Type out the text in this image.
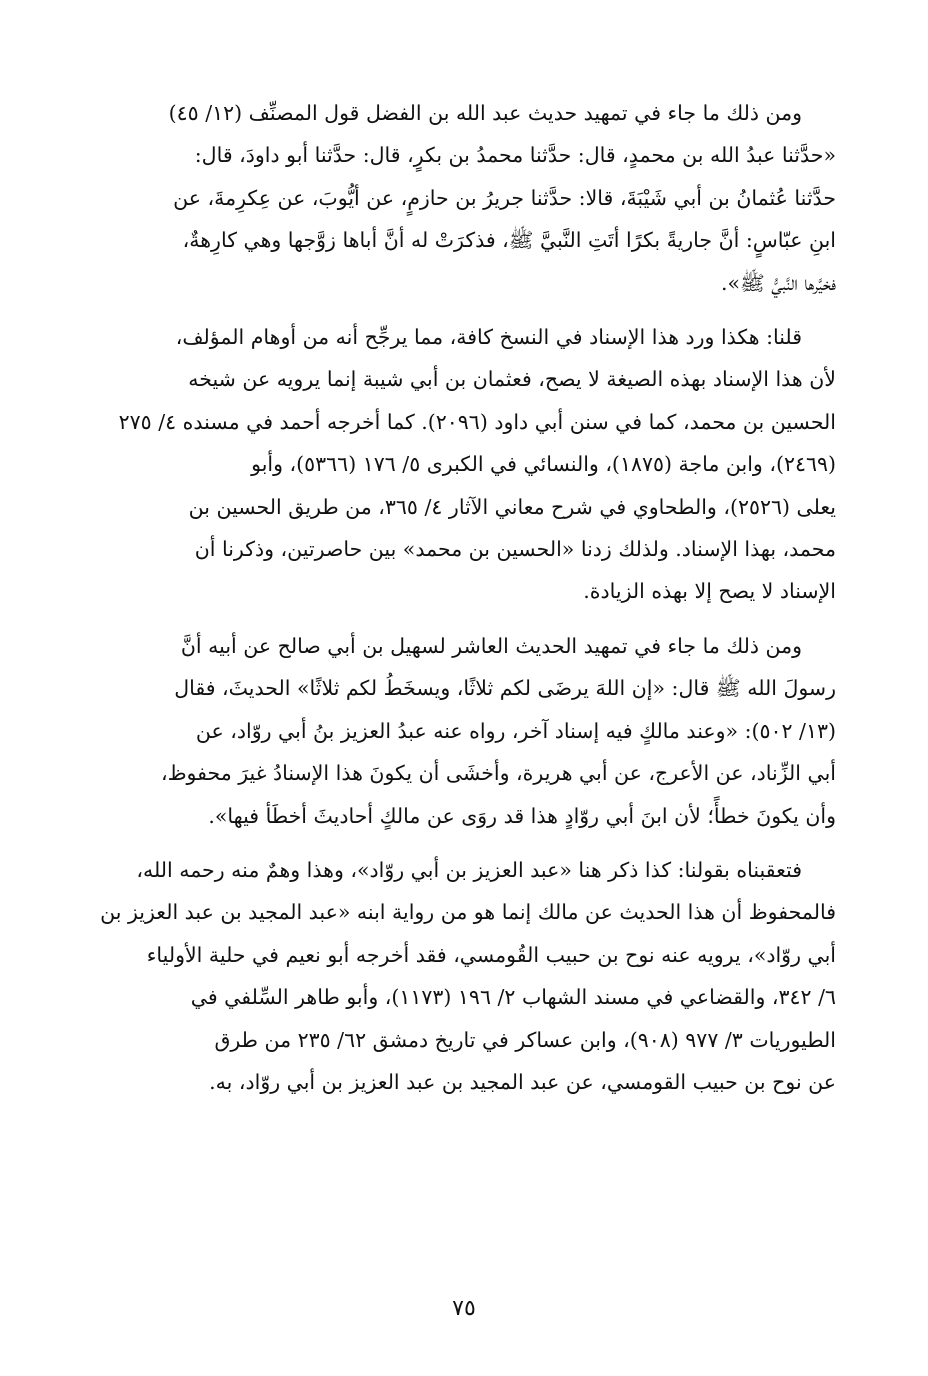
ومن ذلك ما جاء في تمهيد حديث عبد الله بن الفضل قول المصنِّف (١٢/ ٤٥)
«حدَّثنا عبدُ الله بن محمدٍ، قال: حدَّثنا محمدُ بن بكرٍ، قال: حدَّثنا أبو داودَ، قال:
حدَّثنا عُثمانُ بن أبي شَيْبَةَ، قالا: حدَّثنا جريرُ بن حازمٍ، عن أيُّوبَ، عن عِكرِمةَ، عن
ابنِ عبّاسٍ: أنَّ جاريةً بكرًا أتَتِ النَّبيَّ ﷺ، فذكرَتْ له أنَّ أباها زوَّجها وهي كارِهةٌ،
فخيَّرها النَّبيُّ ﷺ».

قلنا: هكذا ورد هذا الإسناد في النسخ كافة، مما يرجِّح أنه من أوهام المؤلف،
لأن هذا الإسناد بهذه الصيغة لا يصح، فعثمان بن أبي شيبة إنما يرويه عن شيخه
الحسين بن محمد، كما في سنن أبي داود (٢٠٩٦). كما أخرجه أحمد في مسنده ٤/ ٢٧٥
(٢٤٦٩)، وابن ماجة (١٨٧٥)، والنسائي في الكبرى ٥/ ١٧٦ (٥٣٦٦)، وأبو
يعلى (٢٥٢٦)، والطحاوي في شرح معاني الآثار ٤/ ٣٦٥، من طريق الحسين بن
محمد، بهذا الإسناد. ولذلك زدنا «الحسين بن محمد» بين حاصرتين، وذكرنا أن
الإسناد لا يصح إلا بهذه الزيادة.

ومن ذلك ما جاء في تمهيد الحديث العاشر لسهيل بن أبي صالح عن أبيه أنَّ
رسولَ الله ﷺ قال: «إن اللهَ يرضَى لكم ثلاثًا، ويسخَطُ لكم ثلاثًا» الحديثَ، فقال
(١٣/ ٥٠٢): «وعند مالكٍ فيه إسناد آخر، رواه عنه عبدُ العزيز بنُ أبي روّاد، عن
أبي الزِّناد، عن الأعرج، عن أبي هريرة، وأخشَى أن يكونَ هذا الإسنادُ غيرَ محفوظ،
وأن يكونَ خطأً؛ لأن ابنَ أبي روّادٍ هذا قد روَى عن مالكٍ أحاديثَ أخطَأ فيها».

فتعقبناه بقولنا: كذا ذكر هنا «عبد العزيز بن أبي روّاد»، وهذا وهمٌ منه رحمه الله،
فالمحفوظ أن هذا الحديث عن مالك إنما هو من رواية ابنه «عبد المجيد بن عبد العزيز بن
أبي روّاد»، يرويه عنه نوح بن حبيب القُومسي، فقد أخرجه أبو نعيم في حلية الأولياء
٦/ ٣٤٢، والقضاعي في مسند الشهاب ٢/ ١٩٦ (١١٧٣)، وأبو طاهر السِّلفي في
الطيوريات ٣/ ٩٧٧ (٩٠٨)، وابن عساكر في تاريخ دمشق ٦٢/ ٢٣٥ من طرق
عن نوح بن حبيب القومسي، عن عبد المجيد بن عبد العزيز بن أبي روّاد، به.

٧٥
